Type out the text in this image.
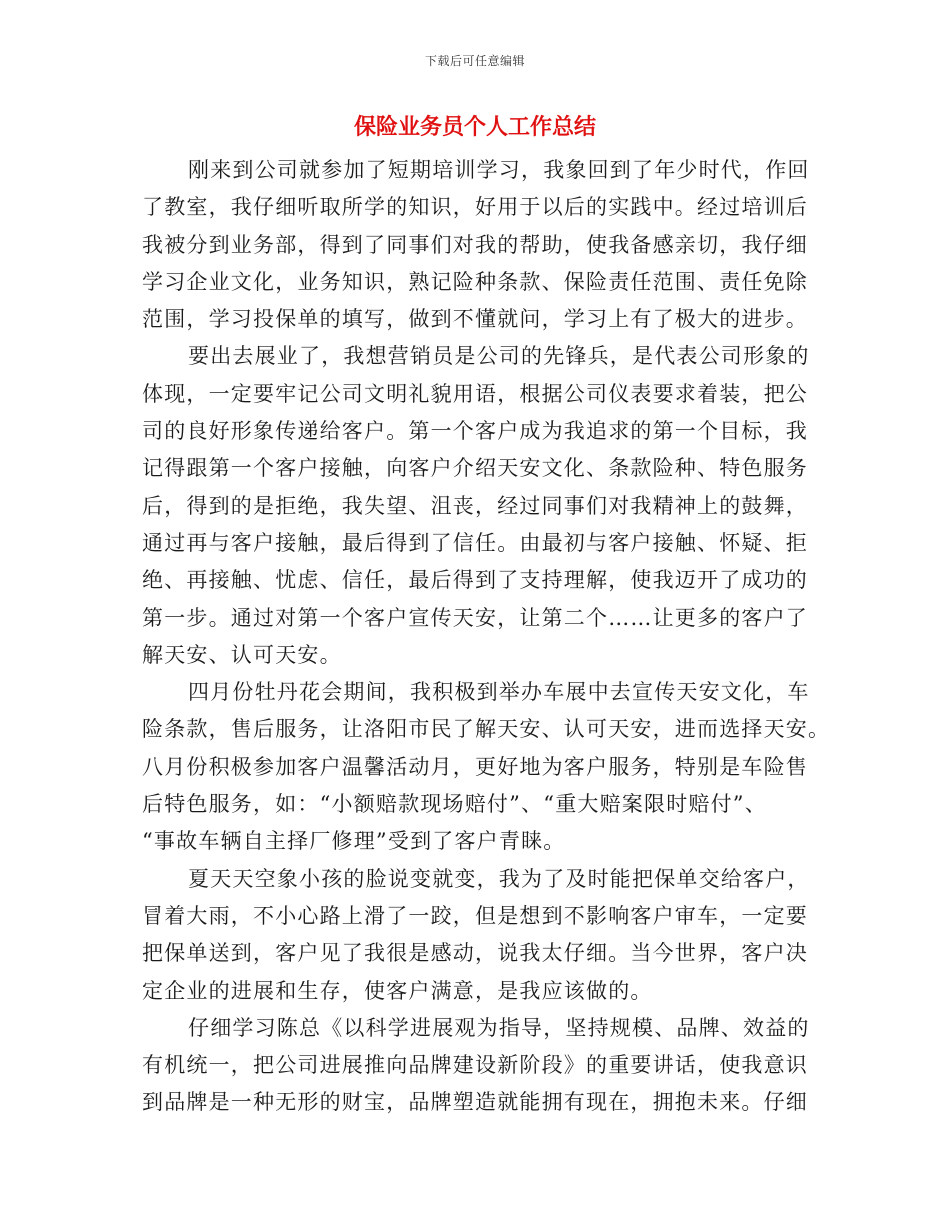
下载后可任意编辑
保险业务员个人工作总结
刚来到公司就参加了短期培训学习，我象回到了年少时代，作回
了教室，我仔细听取所学的知识，好用于以后的实践中。经过培训后
我被分到业务部，得到了同事们对我的帮助，使我备感亲切，我仔细
学习企业文化，业务知识，熟记险种条款、保险责任范围、责任免除
范围，学习投保单的填写，做到不懂就问，学习上有了极大的进步。
要出去展业了，我想营销员是公司的先锋兵，是代表公司形象的
体现，一定要牢记公司文明礼貌用语，根据公司仪表要求着装，把公
司的良好形象传递给客户。第一个客户成为我追求的第一个目标，我
记得跟第一个客户接触，向客户介绍天安文化、条款险种、特色服务
后，得到的是拒绝，我失望、沮丧，经过同事们对我精神上的鼓舞，
通过再与客户接触，最后得到了信任。由最初与客户接触、怀疑、拒
绝、再接触、忧虑、信任，最后得到了支持理解，使我迈开了成功的
第一步。通过对第一个客户宣传天安，让第二个……让更多的客户了
解天安、认可天安。
四月份牡丹花会期间，我积极到举办车展中去宣传天安文化，车
险条款，售后服务，让洛阳市民了解天安、认可天安，进而选择天安。
八月份积极参加客户温馨活动月，更好地为客户服务，特别是车险售
后特色服务，如：“小额赔款现场赔付”、“重大赔案限时赔付”、
“事故车辆自主择厂修理”受到了客户青睐。
夏天天空象小孩的脸说变就变，我为了及时能把保单交给客户，
冒着大雨，不小心路上滑了一跤，但是想到不影响客户审车，一定要
把保单送到，客户见了我很是感动，说我太仔细。当今世界，客户决
定企业的进展和生存，使客户满意，是我应该做的。
仔细学习陈总《以科学进展观为指导，坚持规模、品牌、效益的
有机统一，把公司进展推向品牌建设新阶段》的重要讲话，使我意识
到品牌是一种无形的财宝，品牌塑造就能拥有现在，拥抱未来。仔细
